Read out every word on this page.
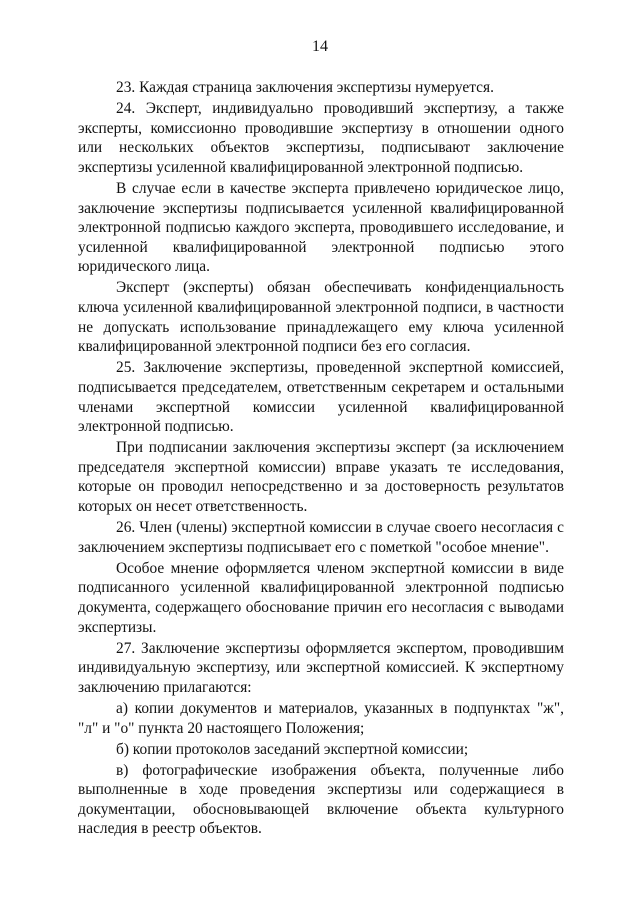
14

23. Каждая страница заключения экспертизы нумеруется.

24. Эксперт, индивидуально проводивший экспертизу, а также эксперты, комиссионно проводившие экспертизу в отношении одного или нескольких объектов экспертизы, подписывают заключение экспертизы усиленной квалифицированной электронной подписью.

В случае если в качестве эксперта привлечено юридическое лицо, заключение экспертизы подписывается усиленной квалифицированной электронной подписью каждого эксперта, проводившего исследование, и усиленной квалифицированной электронной подписью этого юридического лица.

Эксперт (эксперты) обязан обеспечивать конфиденциальность ключа усиленной квалифицированной электронной подписи, в частности не допускать использование принадлежащего ему ключа усиленной квалифицированной электронной подписи без его согласия.

25. Заключение экспертизы, проведенной экспертной комиссией, подписывается председателем, ответственным секретарем и остальными членами экспертной комиссии усиленной квалифицированной электронной подписью.

При подписании заключения экспертизы эксперт (за исключением председателя экспертной комиссии) вправе указать те исследования, которые он проводил непосредственно и за достоверность результатов которых он несет ответственность.

26. Член (члены) экспертной комиссии в случае своего несогласия с заключением экспертизы подписывает его с пометкой "особое мнение".

Особое мнение оформляется членом экспертной комиссии в виде подписанного усиленной квалифицированной электронной подписью документа, содержащего обоснование причин его несогласия с выводами экспертизы.

27. Заключение экспертизы оформляется экспертом, проводившим индивидуальную экспертизу, или экспертной комиссией. К экспертному заключению прилагаются:

а) копии документов и материалов, указанных в подпунктах "ж", "л" и "о" пункта 20 настоящего Положения;

б) копии протоколов заседаний экспертной комиссии;

в) фотографические изображения объекта, полученные либо выполненные в ходе проведения экспертизы или содержащиеся в документации, обосновывающей включение объекта культурного наследия в реестр объектов.
